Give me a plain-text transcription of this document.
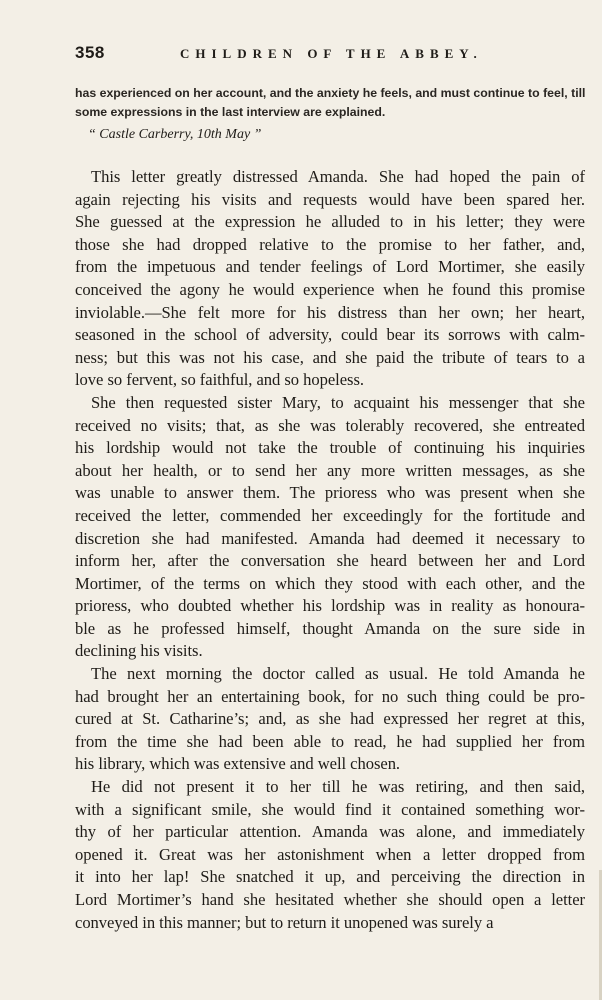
358	CHILDREN OF THE ABBEY.

has experienced on her account, and the anxiety he feels, and must continue to feel, till

some expressions in the last interview are explained.

“ Castle Carberry, 10th May ”
This letter greatly distressed Amanda. She had hoped the pain of
again rejecting his visits and requests would have been spared her.
She guessed at the expression he alluded to in his letter; they were
those she had dropped relative to the promise to her father, and,
from the impetuous and tender feelings of Lord Mortimer, she easily
conceived the agony he would experience when he found this promise
inviolable.—She felt more for his distress than her own; her heart,
seasoned in the school of adversity, could bear its sorrows with calm-
ness; but this was not his case, and she paid the tribute of tears to a
love so fervent, so faithful, and so hopeless.
She then requested sister Mary, to acquaint his messenger that she
received no visits; that, as she was tolerably recovered, she entreated
his lordship would not take the trouble of continuing his inquiries
about her health, or to send her any more written messages, as she
was unable to answer them. The prioress who was present when she
received the letter, commended her exceedingly for the fortitude and
discretion she had manifested. Amanda had deemed it necessary to
inform her, after the conversation she heard between her and Lord
Mortimer, of the terms on which they stood with each other, and the
prioress, who doubted whether his lordship was in reality as honoura-
ble as he professed himself, thought Amanda on the sure side in
declining his visits.
The next morning the doctor called as usual. He told Amanda he
had brought her an entertaining book, for no such thing could be pro-
cured at St. Catharine’s; and, as she had expressed her regret at this,
from the time she had been able to read, he had supplied her from
his library, which was extensive and well chosen.
He did not present it to her till he was retiring, and then said,
with a significant smile, she would find it contained something wor-
thy of her particular attention. Amanda was alone, and immediately
opened it. Great was her astonishment when a letter dropped from
it into her lap! She snatched it up, and perceiving the direction in
Lord Mortimer’s hand she hesitated whether she should open a letter
conveyed in this manner; but to return it unopened was surely a
